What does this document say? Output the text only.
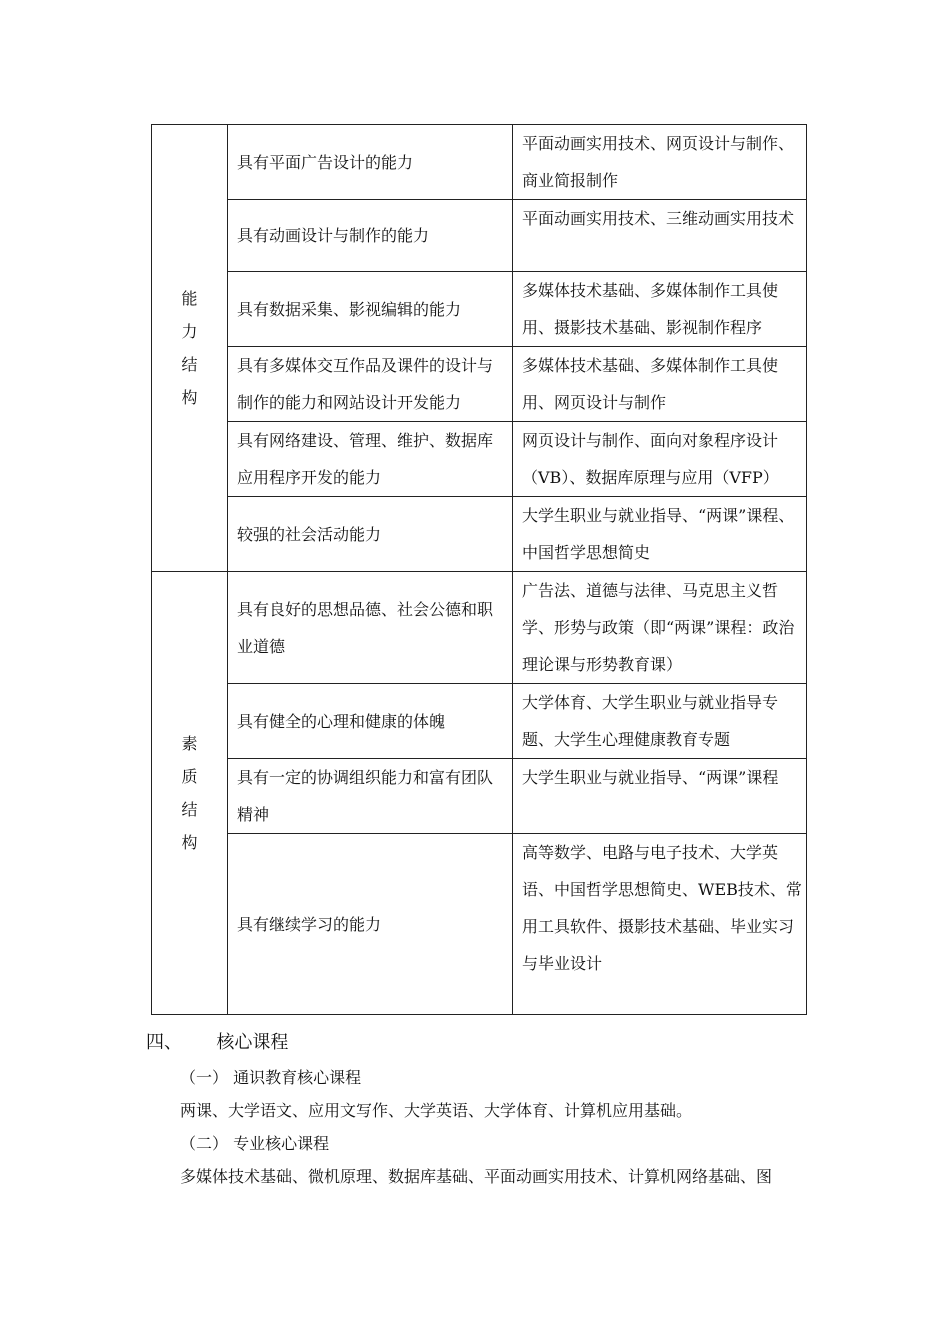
能力结构	具有平面广告设计的能力	平面动画实用技术、网页设计与制作、商业简报制作
	具有动画设计与制作的能力	平面动画实用技术、三维动画实用技术
	具有数据采集、影视编辑的能力	多媒体技术基础、多媒体制作工具使用、摄影技术基础、影视制作程序
	具有多媒体交互作品及课件的设计与制作的能力和网站设计开发能力	多媒体技术基础、多媒体制作工具使用、网页设计与制作
	具有网络建设、管理、维护、数据库应用程序开发的能力	网页设计与制作、面向对象程序设计（VB）、数据库原理与应用（VFP）
	较强的社会活动能力	大学生职业与就业指导、“两课”课程、中国哲学思想简史
素质结构	具有良好的思想品德、社会公德和职业道德	广告法、道德与法律、马克思主义哲学、形势与政策（即“两课”课程：政治理论课与形势教育课）
	具有健全的心理和健康的体魄	大学体育、大学生职业与就业指导专题、大学生心理健康教育专题
	具有一定的协调组织能力和富有团队精神	大学生职业与就业指导、“两课”课程
	具有继续学习的能力	高等数学、电路与电子技术、大学英语、中国哲学思想简史、WEB技术、常用工具软件、摄影技术基础、毕业实习与毕业设计
四、 核心课程
（一） 通识教育核心课程
两课、大学语文、应用文写作、大学英语、大学体育、计算机应用基础。
（二） 专业核心课程
多媒体技术基础、微机原理、数据库基础、平面动画实用技术、计算机网络基础、图
